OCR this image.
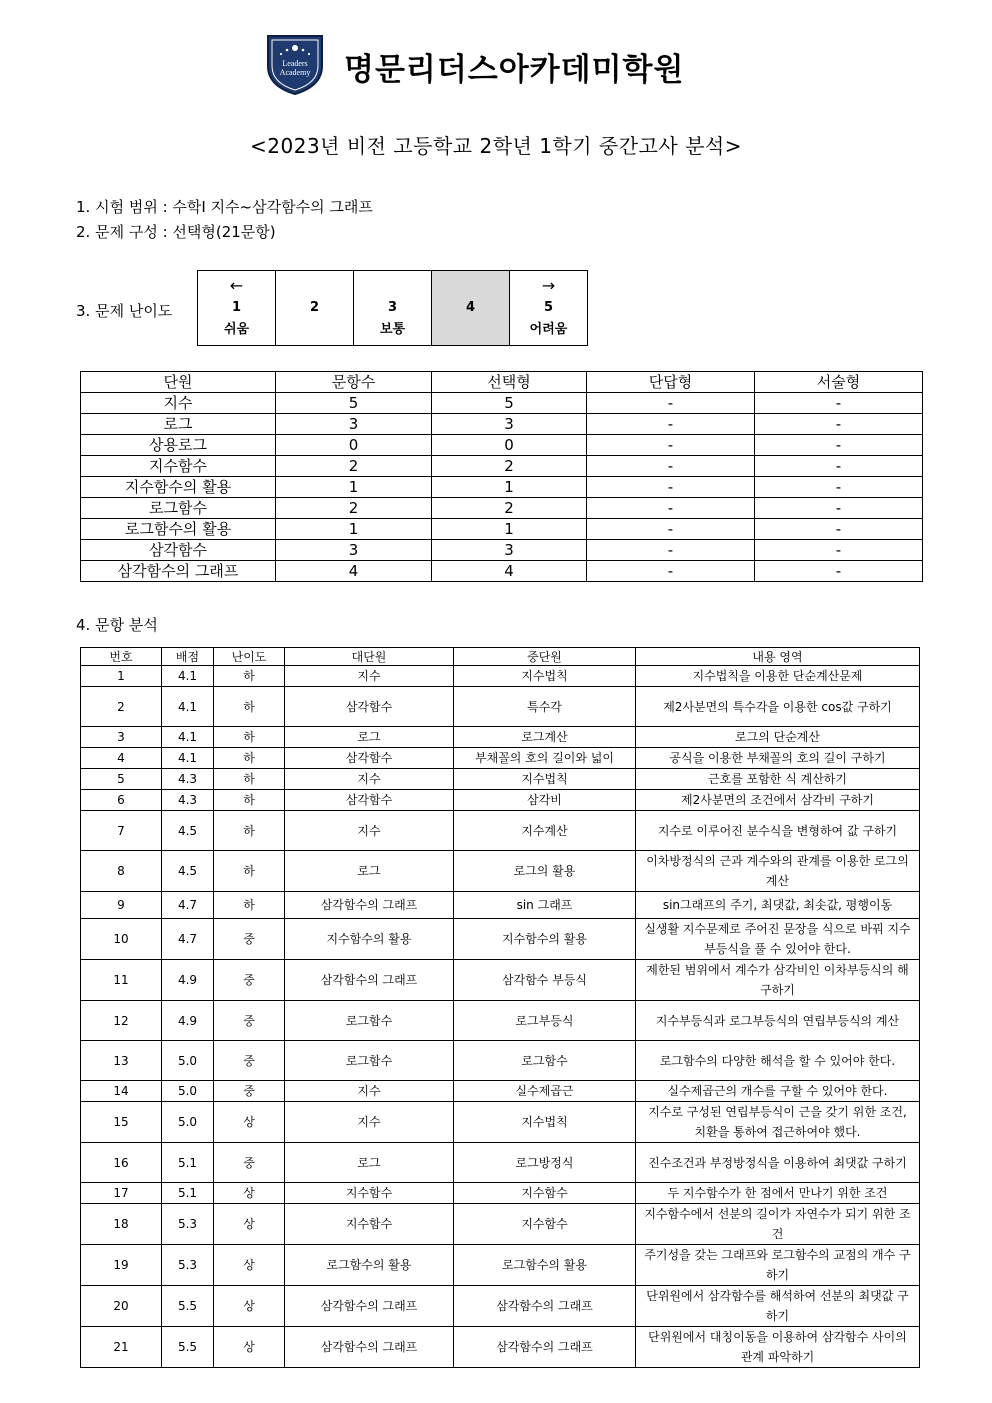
Leaders
Academy 명문리더스아카데미학원
<2023년 비전 고등학교 2학년 1학기 중간고사 분석>
1. 시험 범위 : 수학Ⅰ 지수~삼각함수의 그래프
2. 문제 구성 : 선택형(21문항)
3. 문제 난이도
←
1
쉬움

2	3
보통

4

→
5
어려움
단원	문항수	선택형	단답형	서술형
지수	5	5	-	-
로그	3	3	-	-
상용로그	0	0	-	-
지수함수	2	2	-	-
지수함수의 활용	1	1	-	-
로그함수	2	2	-	-
로그함수의 활용	1	1	-	-
삼각함수	3	3	-	-
삼각함수의 그래프	4	4	-	-
4. 문항 분석
번호	배점	난이도	대단원	중단원	내용 영역
1	4.1	하	지수	지수법칙	지수법칙을 이용한 단순계산문제
2	4.1	하	삼각함수	특수각	제2사분면의 특수각을 이용한 cos값 구하기
3	4.1	하	로그	로그계산	로그의 단순계산
4	4.1	하	삼각함수	부채꼴의 호의 길이와 넓이	공식을 이용한 부채꼴의 호의 길이 구하기
5	4.3	하	지수	지수법칙	근호를 포함한 식 계산하기
6	4.3	하	삼각함수	삼각비	제2사분면의 조건에서 삼각비 구하기
7	4.5	하	지수	지수계산	지수로 이루어진 분수식을 변형하여 값 구하기
8	4.5	하	로그	로그의 활용	이차방정식의 근과 계수와의 관계를 이용한 로그의 계산
9	4.7	하	삼각함수의 그래프	sin 그래프	sin그래프의 주기, 최댓값, 최솟값, 평행이동
10	4.7	중	지수함수의 활용	지수함수의 활용	실생활 지수문제로 주어진 문장을 식으로 바꿔 지수부등식을 풀 수 있어야 한다.
11	4.9	중	삼각함수의 그래프	삼각함수 부등식	제한된 범위에서 계수가 삼각비인 이차부등식의 해 구하기
12	4.9	중	로그함수	로그부등식	지수부등식과 로그부등식의 연립부등식의 계산
13	5.0	중	로그함수	로그함수	로그함수의 다양한 해석을 할 수 있어야 한다.
14	5.0	중	지수	실수제곱근	실수제곱근의 개수를 구할 수 있어야 한다.
15	5.0	상	지수	지수법칙	지수로 구성된 연립부등식이 근을 갖기 위한 조건, 치환을 통하여 접근하여야 했다.
16	5.1	중	로그	로그방정식	진수조건과 부정방정식을 이용하여 최댓값 구하기
17	5.1	상	지수함수	지수함수	두 지수함수가 한 점에서 만나기 위한 조건
18	5.3	상	지수함수	지수함수	지수함수에서 선분의 길이가 자연수가 되기 위한 조건
19	5.3	상	로그함수의 활용	로그함수의 활용	주기성을 갖는 그래프와 로그함수의 교점의 개수 구하기
20	5.5	상	삼각함수의 그래프	삼각함수의 그래프	단위원에서 삼각함수를 해석하여 선분의 최댓값 구하기
21	5.5	상	삼각함수의 그래프	삼각함수의 그래프	단위원에서 대칭이동을 이용하여 삼각함수 사이의 관계 파악하기
